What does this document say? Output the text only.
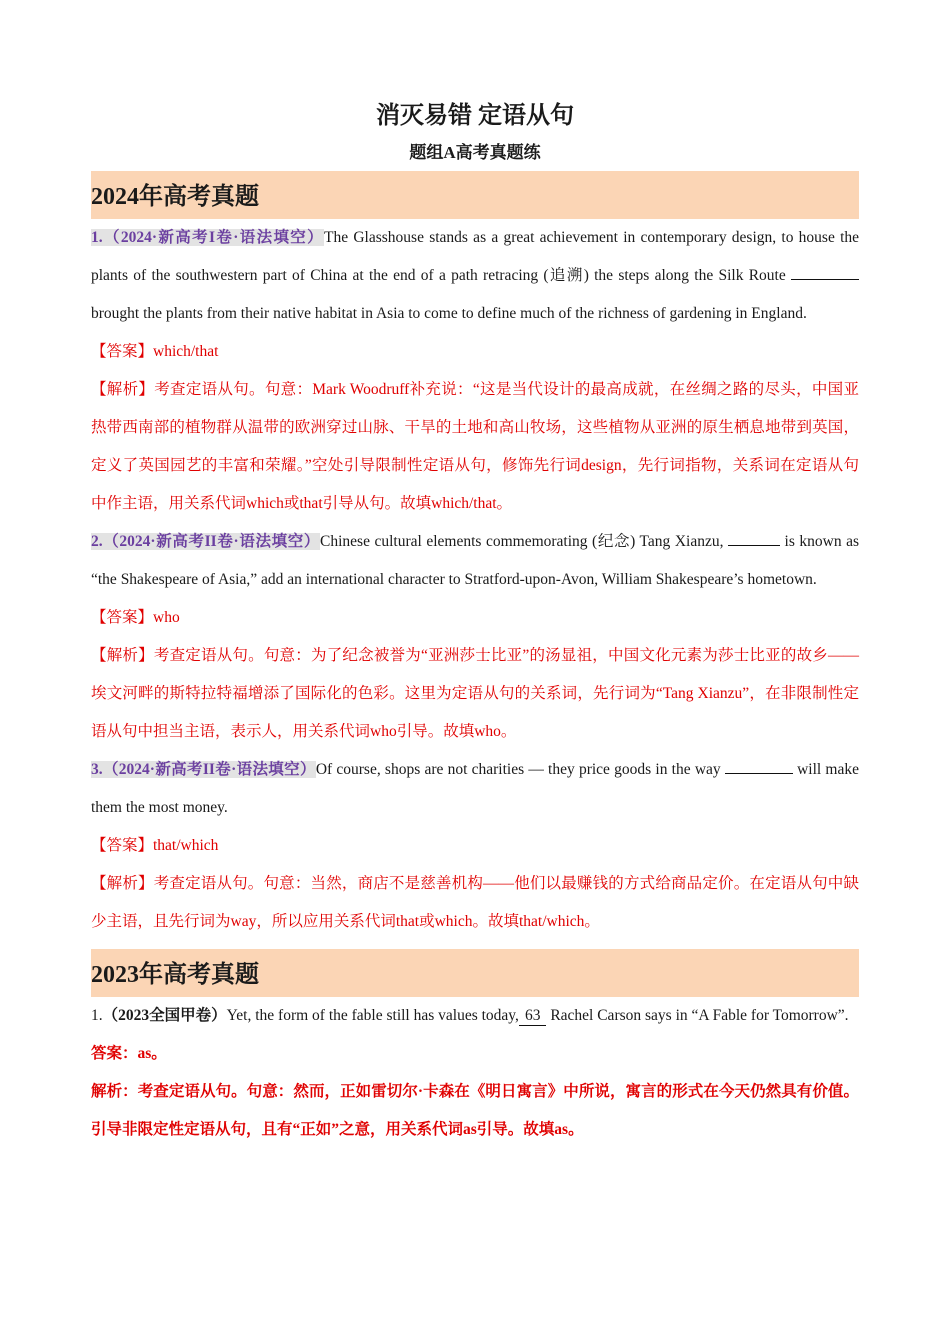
消灭易错 定语从句
题组A高考真题练
2024年高考真题

1.（2024·新高考I卷·语法填空）The Glasshouse stands as a great achievement in contemporary design, to house the plants of the southwestern part of China at the end of a path retracing (追溯) the steps along the Silk Route  brought the plants from their native habitat in Asia to come to define much of the richness of gardening in England.

【答案】which/that

【解析】考查定语从句。句意：Mark Woodruff补充说：“这是当代设计的最高成就，在丝绸之路的尽头，中国亚热带西南部的植物群从温带的欧洲穿过山脉、干旱的土地和高山牧场，这些植物从亚洲的原生栖息地带到英国，定义了英国园艺的丰富和荣耀。”空处引导限制性定语从句，修饰先行词design，先行词指物，关系词在定语从句中作主语，用关系代词which或that引导从句。故填which/that。

2.（2024·新高考II卷·语法填空）Chinese cultural elements commemorating (纪念) Tang Xianzu,	is known as “the Shakespeare of Asia,” add an international character to Stratford-upon-Avon, William Shakespeare’s hometown.

【答案】who

【解析】考查定语从句。句意：为了纪念被誉为“亚洲莎士比亚”的汤显祖，中国文化元素为莎士比亚的故乡——埃文河畔的斯特拉特福增添了国际化的色彩。这里为定语从句的关系词，先行词为“Tang Xianzu”，在非限制性定语从句中担当主语，表示人，用关系代词who引导。故填who。

3.（2024·新高考II卷·语法填空）Of course, shops are not charities — they price goods in the way	will make them the most money.

【答案】that/which

【解析】考查定语从句。句意：当然，商店不是慈善机构——他们以最赚钱的方式给商品定价。在定语从句中缺少主语，且先行词为way，所以应用关系代词that或which。故填that/which。

2023年高考真题

1.（2023全国甲卷）Yet, the form of the fable still has values today, 63 Rachel Carson says in “A Fable for Tomorrow”.

答案：as。

解析：考查定语从句。句意：然而，正如雷切尔·卡森在《明日寓言》中所说，寓言的形式在今天仍然具有价值。引导非限定性定语从句，且有“正如”之意，用关系代词as引导。故填as。
